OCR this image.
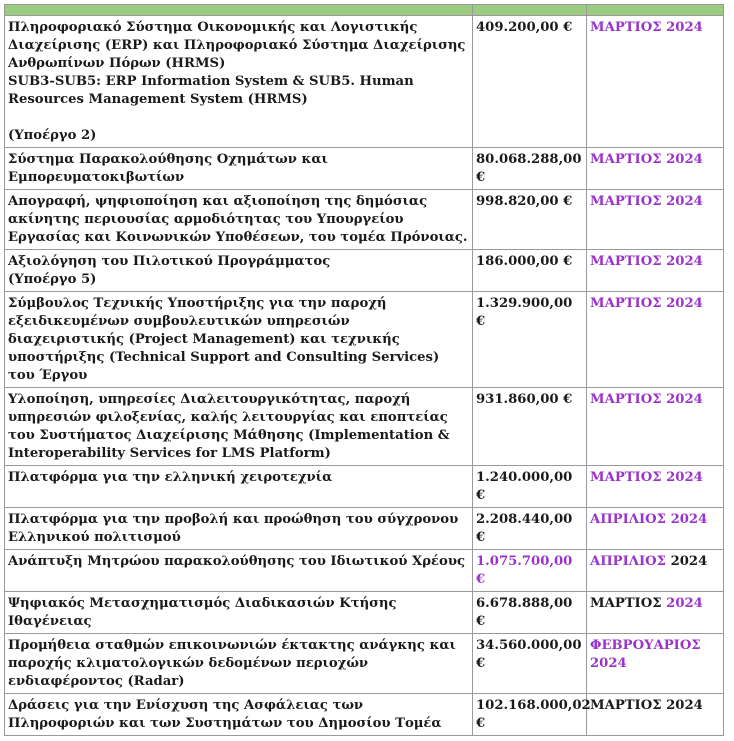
Πληροφοριακό Σύστημα Οικονομικής και Λογιστικής Διαχείρισης (ERP) και Πληροφοριακό Σύστημα Διαχείρισης Ανθρωπίνων Πόρων (HRMS)

SUB3-SUB5: ERP Information System & SUB5. Human Resources Management System (HRMS)

(Υποέργο 2)	409.200,00 €	ΜΑΡΤΙΟΣ 2024
Σύστημα Παρακολούθησης Οχημάτων και Εμπορευματοκιβωτίων	80.068.288,00 €	ΜΑΡΤΙΟΣ 2024
Απογραφή, ψηφιοποίηση και αξιοποίηση της δημόσιας ακίνητης περιουσίας αρμοδιότητας του Υπουργείου Εργασίας και Κοινωνικών Υποθέσεων, του τομέα Πρόνοιας.	998.820,00 €	ΜΑΡΤΙΟΣ 2024

Αξιολόγηση του Πιλοτικού Προγράμματος

(Υποέργο 5)	186.000,00 €	ΜΑΡΤΙΟΣ 2024
Σύμβουλος Τεχνικής Υποστήριξης για την παροχή εξειδικευμένων συμβουλευτικών υπηρεσιών διαχειριστικής (Project Management) και τεχνικής υποστήριξης (Technical Support and Consulting Services) του Έργου	1.329.900,00 €	ΜΑΡΤΙΟΣ 2024
Υλοποίηση, υπηρεσίες Διαλειτουργικότητας, παροχή υπηρεσιών φιλοξενίας, καλής λειτουργίας και εποπτείας του Συστήματος Διαχείρισης Μάθησης (Implementation & Interoperability Services for LMS Platform)	931.860,00 €	ΜΑΡΤΙΟΣ 2024
Πλατφόρμα για την ελληνική χειροτεχνία	1.240.000,00 €	ΜΑΡΤΙΟΣ 2024
Πλατφόρμα για την προβολή και προώθηση του σύγχρονου Ελληνικού πολιτισμού	2.208.440,00 €	ΑΠΡΙΛΙΟΣ 2024
Ανάπτυξη Μητρώου παρακολούθησης του Ιδιωτικού Χρέους	1.075.700,00 €	ΑΠΡΙΛΙΟΣ 2024
Ψηφιακός Μετασχηματισμός Διαδικασιών Κτήσης Ιθαγένειας	6.678.888,00 €	ΜΑΡΤΙΟΣ 2024
Προμήθεια σταθμών επικοινωνιών έκτακτης ανάγκης και παροχής κλιματολογικών δεδομένων περιοχών ενδιαφέροντος (Radar)	34.560.000,00 €	ΦΕΒΡΟΥΑΡΙΟΣ 2024
Δράσεις για την Ενίσχυση της Ασφάλειας των Πληροφοριών και των Συστημάτων του Δημοσίου Τομέα	102.168.000,02 €	ΜΑΡΤΙΟΣ 2024
